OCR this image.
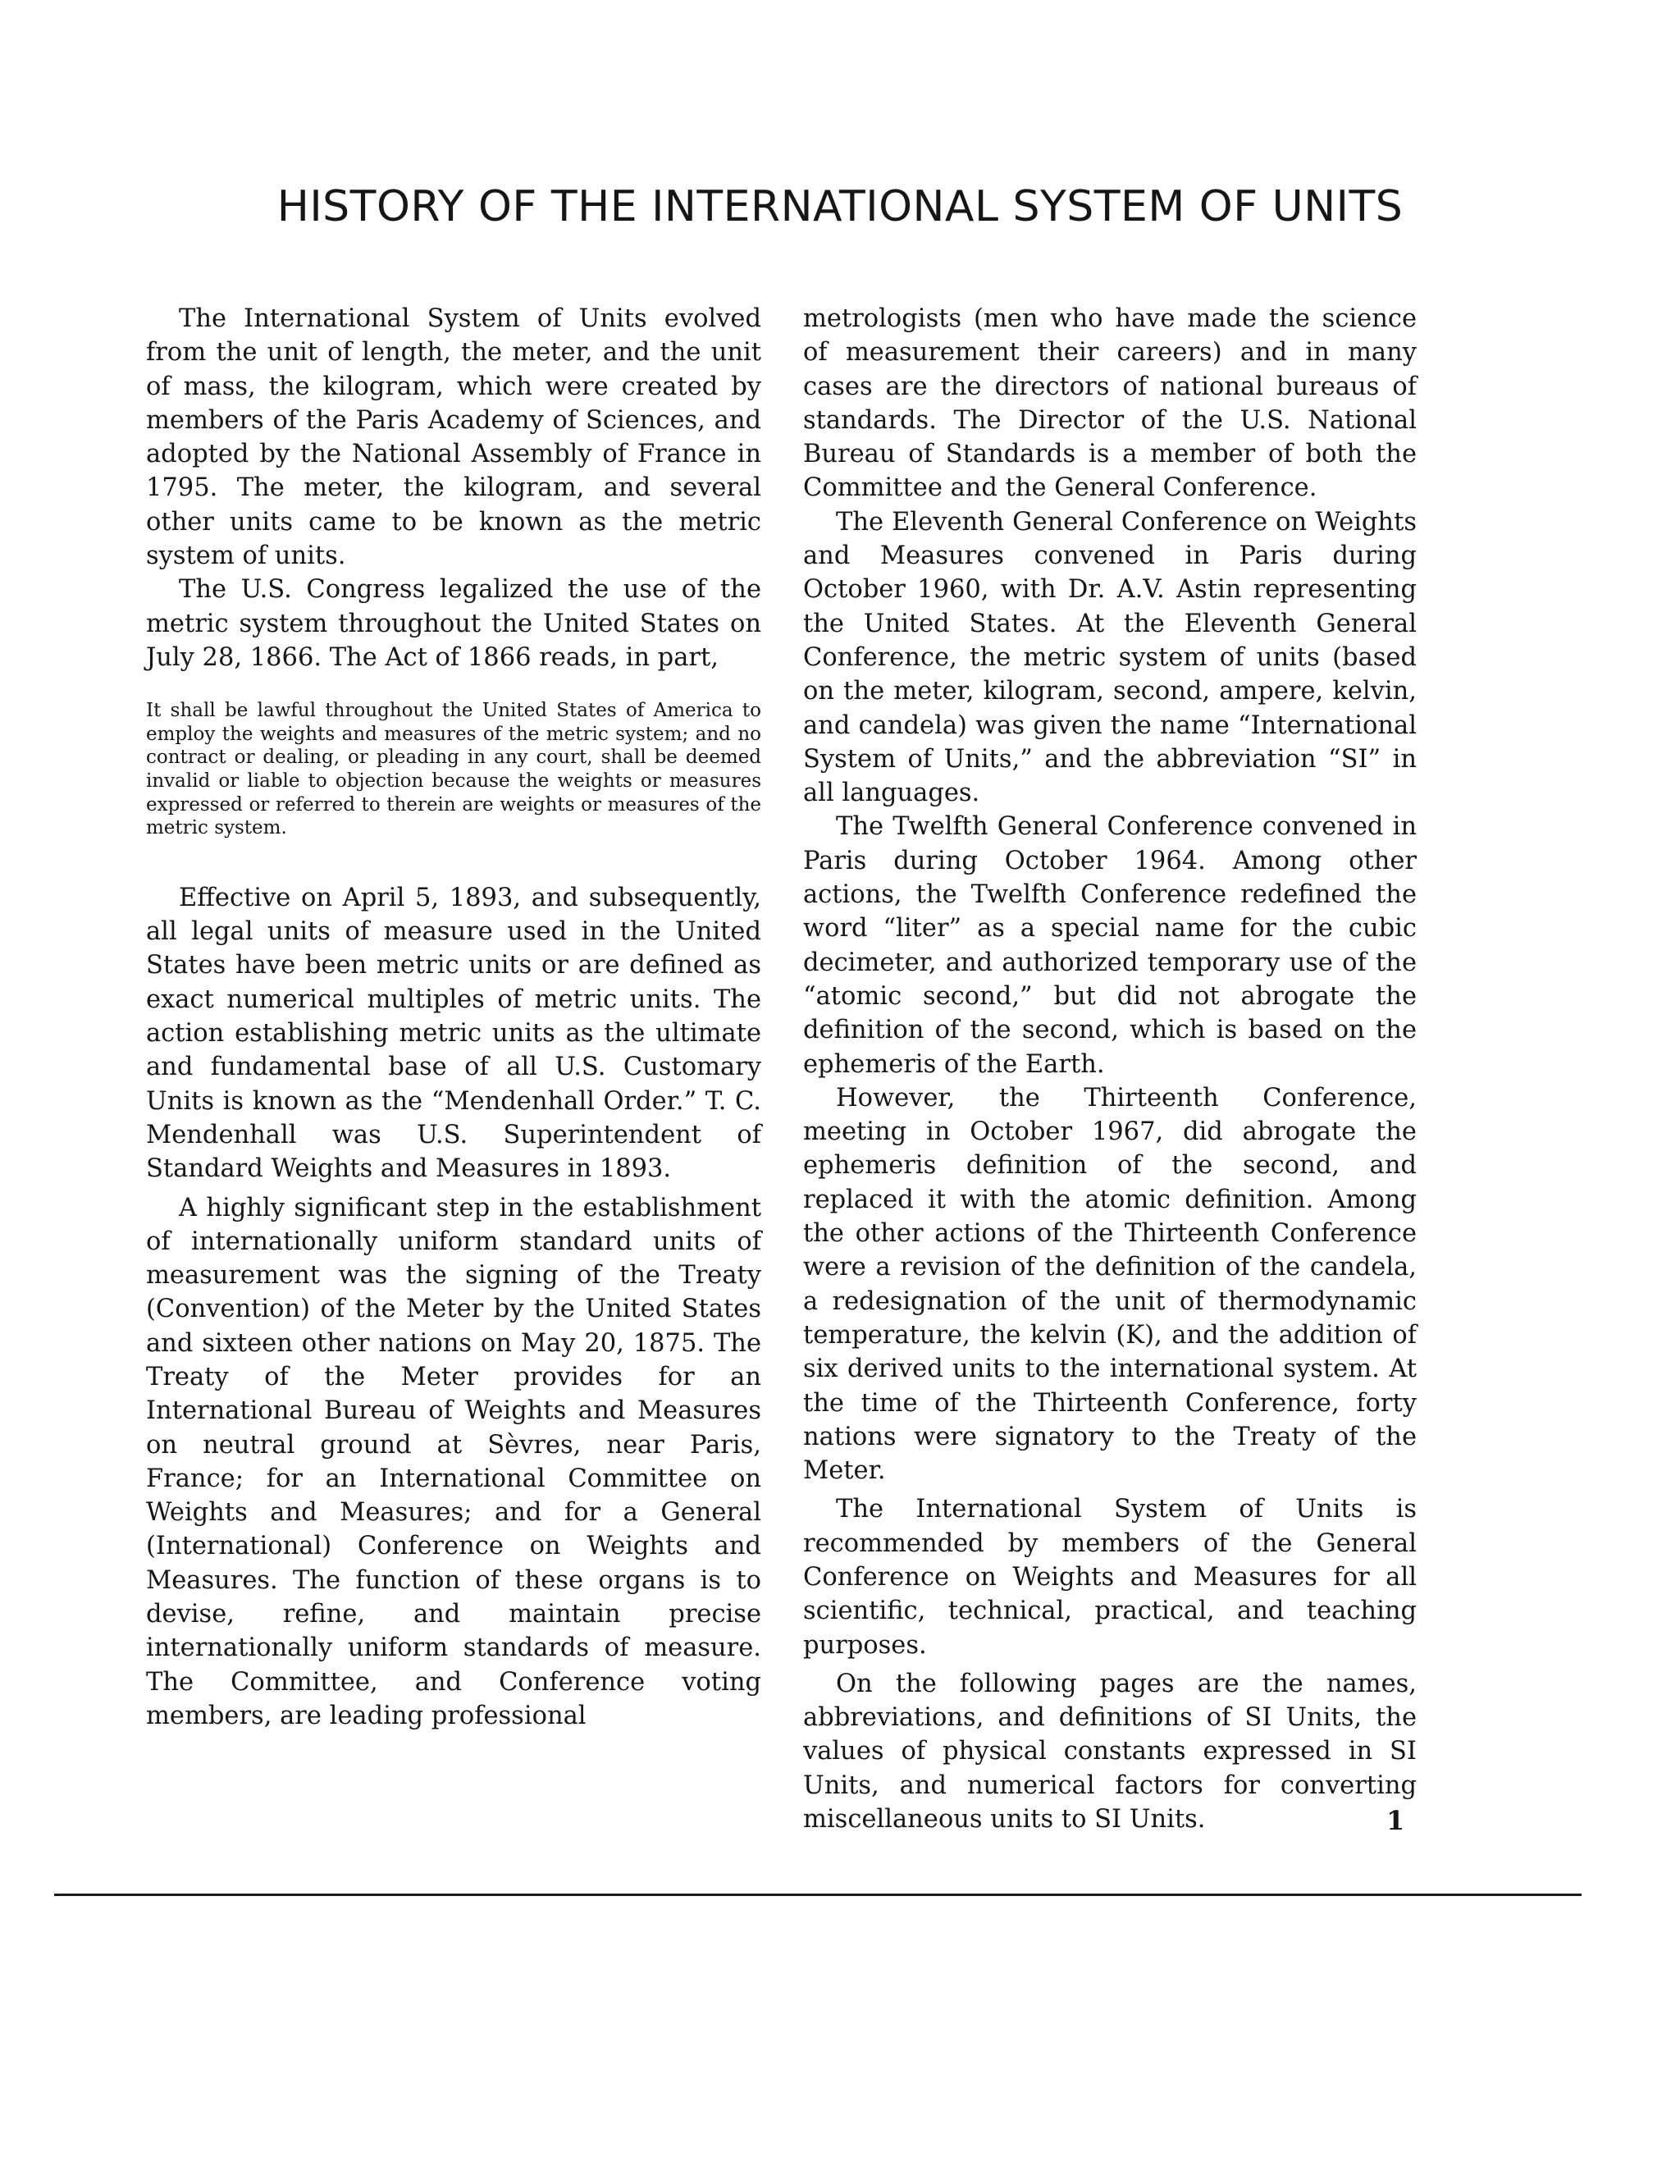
HISTORY OF THE INTERNATIONAL SYSTEM OF UNITS

The International System of Units evolved from the unit of length, the meter, and the unit of mass, the kilogram, which were created by members of the Paris Academy of Sciences, and adopted by the National Assembly of France in 1795. The meter, the kilogram, and several other units came to be known as the metric system of units.

The U.S. Congress legalized the use of the metric system throughout the United States on July 28, 1866. The Act of 1866 reads, in part,

It shall be lawful throughout the United States of America to employ the weights and measures of the metric system; and no contract or dealing, or pleading in any court, shall be deemed invalid or liable to objection because the weights or measures expressed or referred to therein are weights or measures of the metric system.

Effective on April 5, 1893, and subsequently, all legal units of measure used in the United States have been metric units or are defined as exact numerical multiples of metric units. The action establishing metric units as the ultimate and fundamental base of all U.S. Customary Units is known as the “Mendenhall Order.” T. C. Mendenhall was U.S. Superintendent of Standard Weights and Measures in 1893.

A highly significant step in the establishment of internationally uniform standard units of measurement was the signing of the Treaty (Convention) of the Meter by the United States and sixteen other nations on May 20, 1875. The Treaty of the Meter provides for an International Bureau of Weights and Measures on neutral ground at Sèvres, near Paris, France; for an International Committee on Weights and Measures; and for a General (International) Conference on Weights and Measures. The function of these organs is to devise, refine, and maintain precise internationally uniform standards of measure. The Committee, and Conference voting members, are leading professional

metrologists (men who have made the science of measurement their careers) and in many cases are the directors of national bureaus of standards. The Director of the U.S. National Bureau of Standards is a member of both the Committee and the General Conference.

The Eleventh General Conference on Weights and Measures convened in Paris during October 1960, with Dr. A.V. Astin representing the United States. At the Eleventh General Conference, the metric system of units (based on the meter, kilogram, second, ampere, kelvin, and candela) was given the name “International System of Units,” and the abbreviation “SI” in all languages.

The Twelfth General Conference convened in Paris during October 1964. Among other actions, the Twelfth Conference redefined the word “liter” as a special name for the cubic decimeter, and authorized temporary use of the “atomic second,” but did not abrogate the definition of the second, which is based on the ephemeris of the Earth.

However, the Thirteenth Conference, meeting in October 1967, did abrogate the ephemeris definition of the second, and replaced it with the atomic definition. Among the other actions of the Thirteenth Conference were a revision of the definition of the candela, a redesignation of the unit of thermodynamic temperature, the kelvin (K), and the addition of six derived units to the international system. At the time of the Thirteenth Conference, forty nations were signatory to the Treaty of the Meter.

The International System of Units is recommended by members of the General Conference on Weights and Measures for all scientific, technical, practical, and teaching purposes.

On the following pages are the names, abbreviations, and definitions of SI Units, the values of physical constants expressed in SI Units, and numerical factors for converting miscellaneous units to SI Units.	1
